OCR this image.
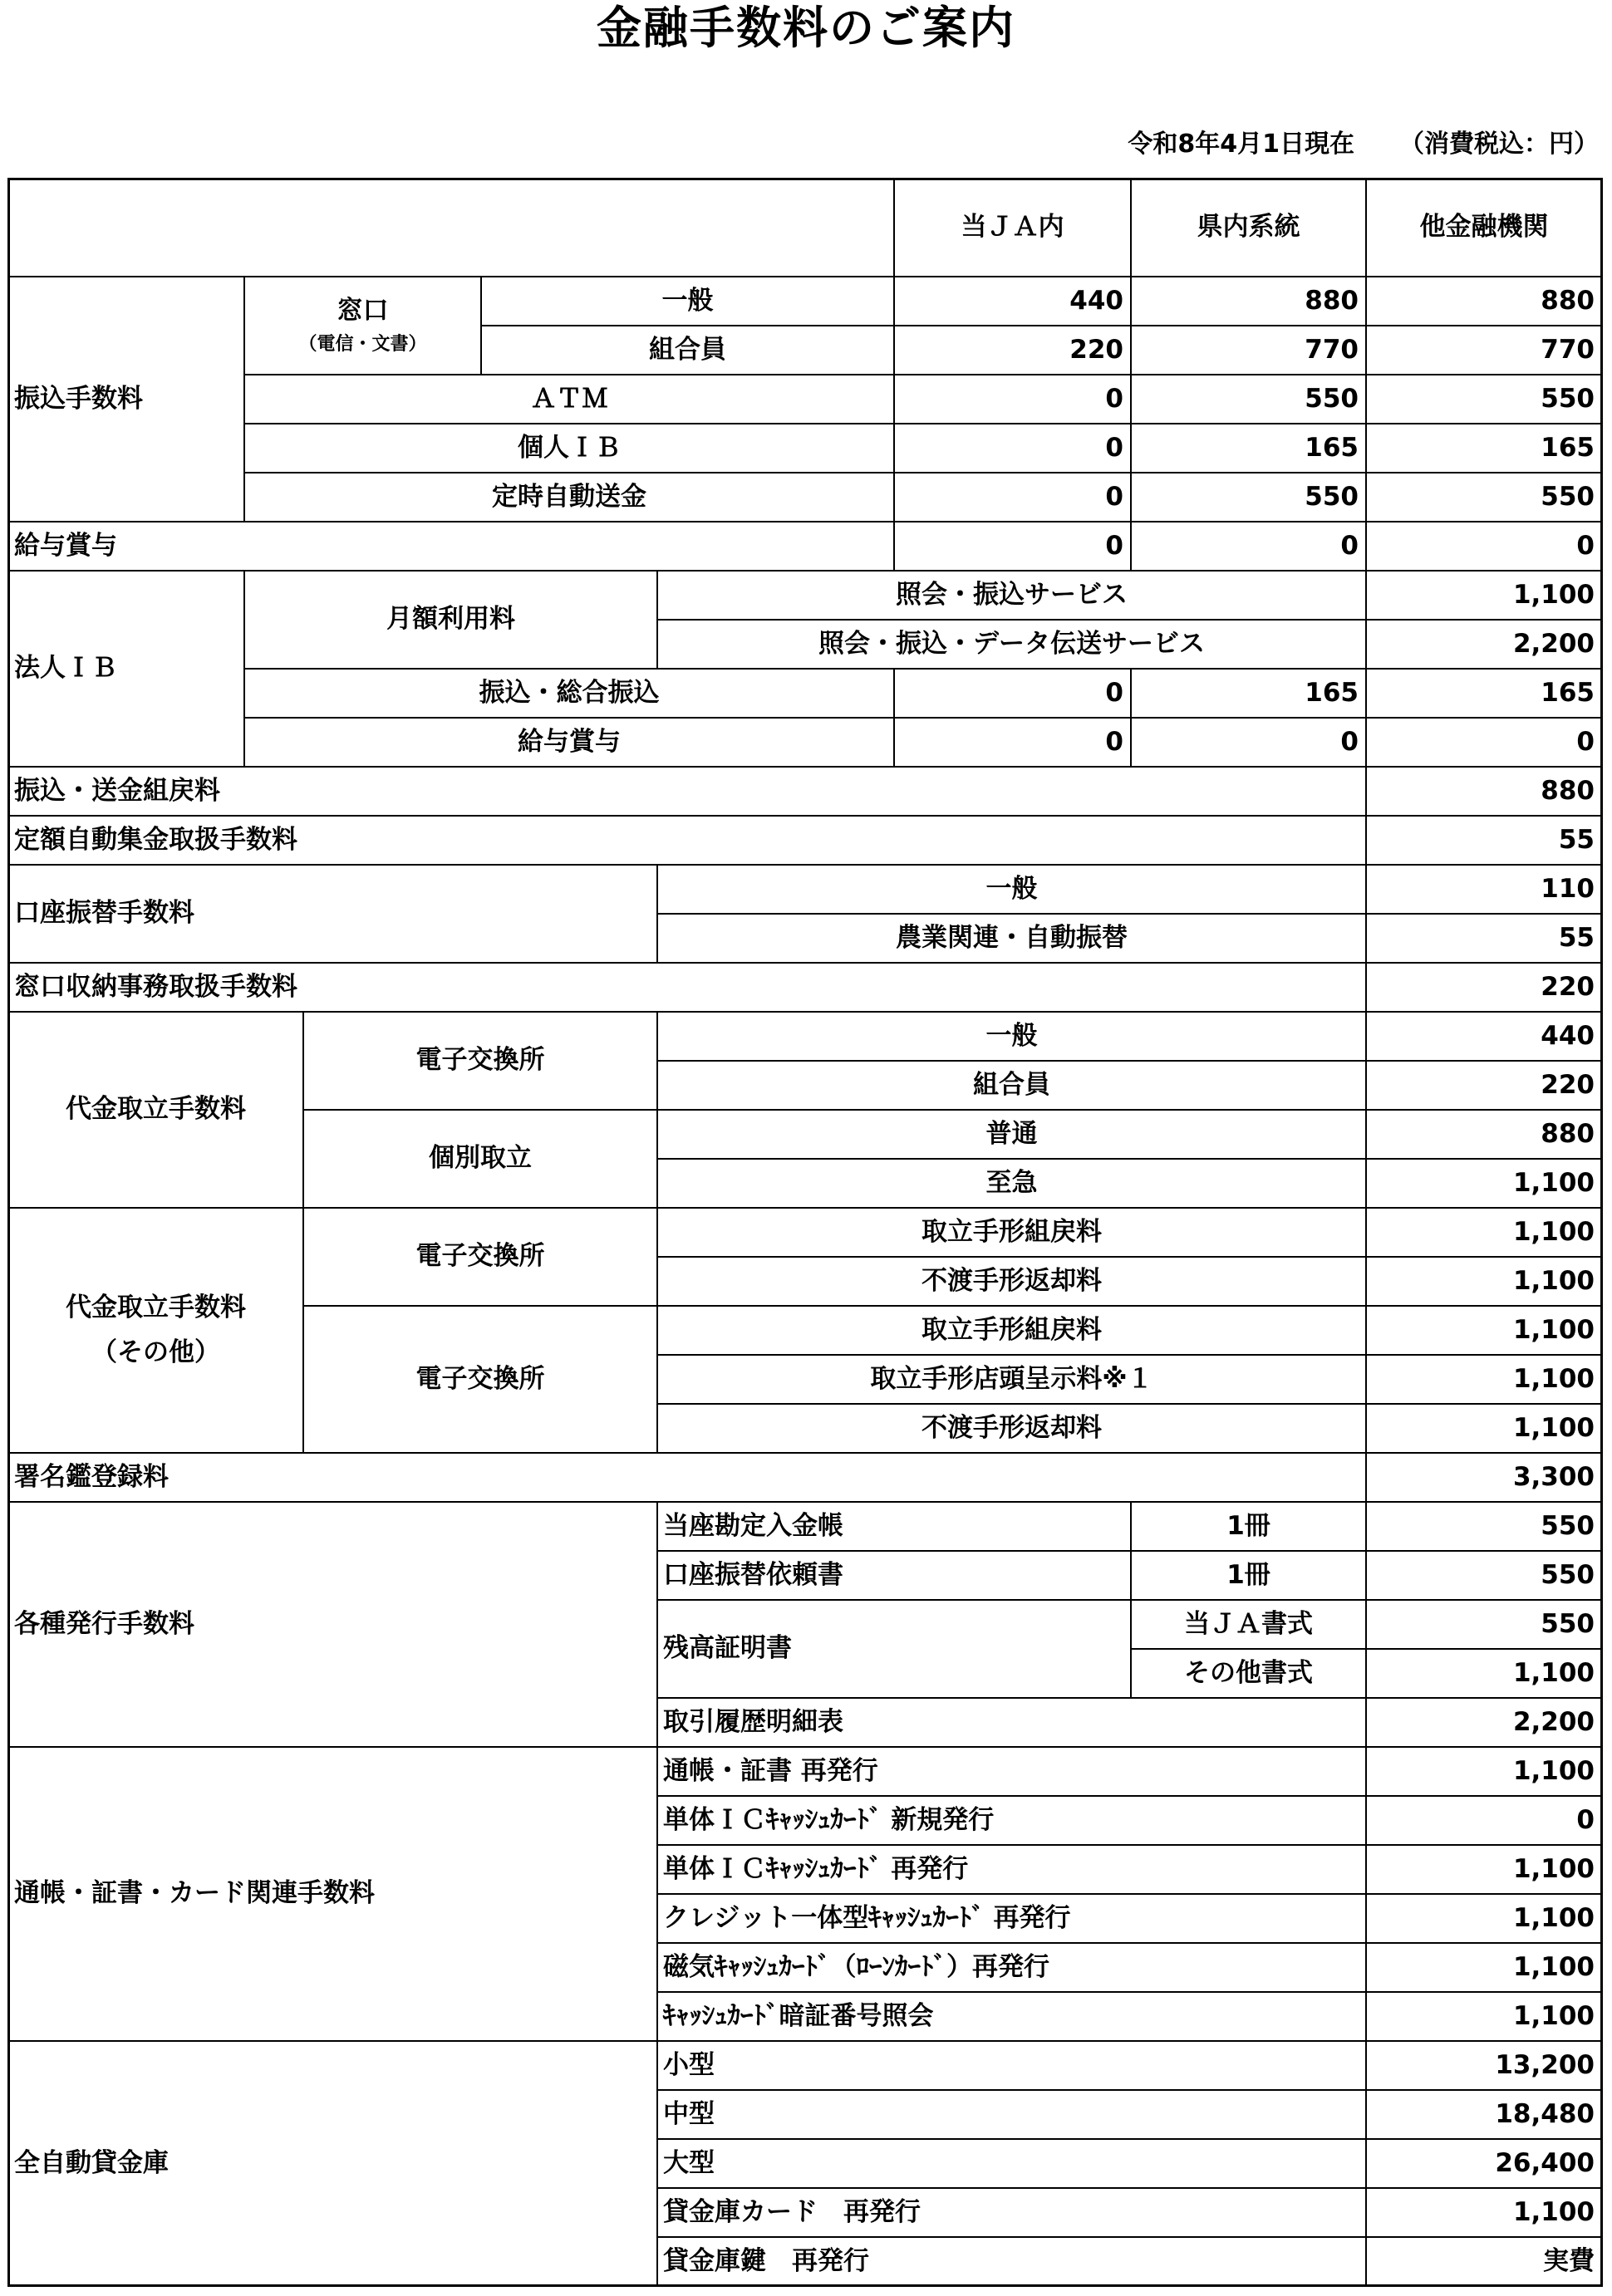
金融手数料のご案内
令和8年4月1日現在 （消費税込：円）
当ＪＡ内	県内系統	他金融機関
振込手数料
窓口
（電信・文書）
一般	440	880	880
組合員	220	770	770
ＡＴＭ	0	550	550
個人ＩＢ	0	165	165
定時自動送金	0	550	550
給与賞与	0	0	0
法人ＩＢ
月額利用料
照会・振込サービス	1,100
照会・振込・データ伝送サービス	2,200
振込・総合振込	0	165	165
給与賞与	0	0	0
振込・送金組戻料	880
定額自動集金取扱手数料	55
口座振替手数料
一般	110
農業関連・自動振替	55
窓口収納事務取扱手数料	220
代金取立手数料
電子交換所
一般	440
組合員	220
個別取立
普通	880
至急	1,100
代金取立手数料
（その他）
電子交換所
取立手形組戻料	1,100
不渡手形返却料	1,100
電子交換所
取立手形組戻料	1,100
取立手形店頭呈示料※１	1,100
不渡手形返却料	1,100
署名鑑登録料	3,300
各種発行手数料
当座勘定入金帳	1冊	550
口座振替依頼書	1冊	550
残高証明書
当ＪＡ書式	550
その他書式	1,100
取引履歴明細表	2,200
通帳・証書・カード関連手数料
通帳・証書 再発行	1,100
単体ＩＣｷｬｯｼｭｶｰﾄﾞ 新規発行	0
単体ＩＣｷｬｯｼｭｶｰﾄﾞ 再発行	1,100
クレジット一体型ｷｬｯｼｭｶｰﾄﾞ 再発行	1,100
磁気ｷｬｯｼｭｶｰﾄﾞ（ﾛｰﾝｶｰﾄﾞ）再発行	1,100
ｷｬｯｼｭｶｰﾄﾞ暗証番号照会	1,100
全自動貸金庫
小型	13,200
中型	18,480
大型	26,400
貸金庫カード　再発行	1,100
貸金庫鍵　再発行	実費
